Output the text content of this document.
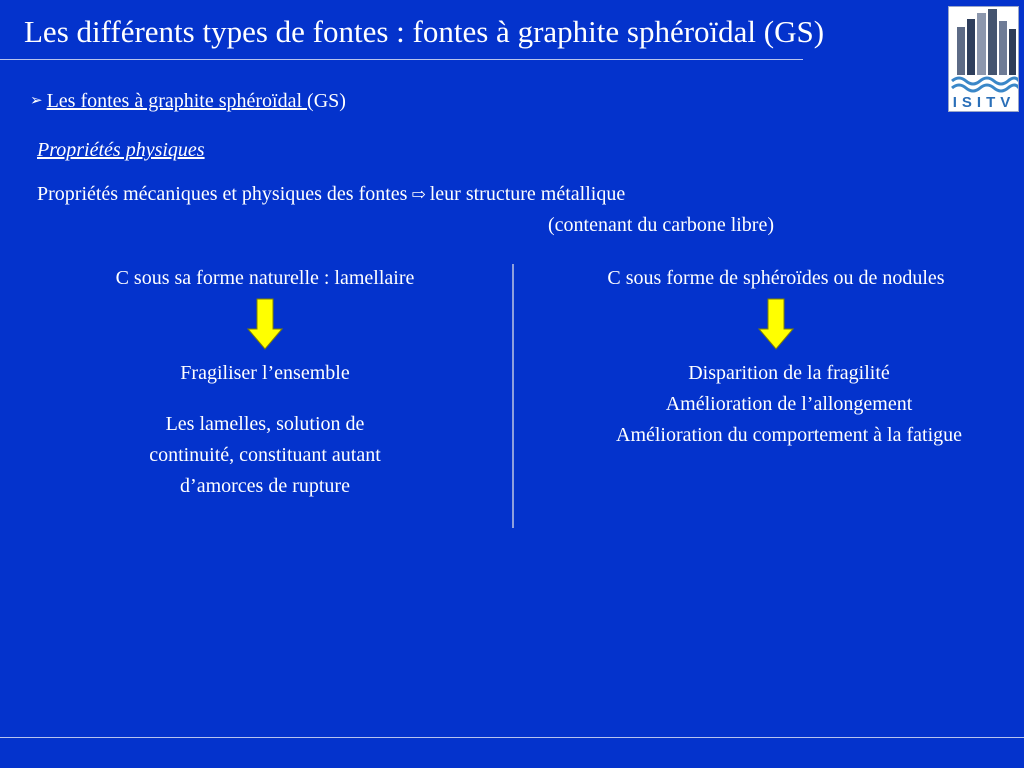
Les différents types de fontes : fontes à graphite sphéroïdal (GS)
ISITV
➢ Les fontes à graphite sphéroïdal (GS)
Propriétés physiques
Propriétés mécaniques et physiques des fontes ⇨ leur structure métallique
(contenant du carbone libre)
C sous sa forme naturelle : lamellaire	C sous forme de sphéroïdes ou de nodules
Fragiliser l’ensemble
Les lamelles, solution de
continuité, constituant autant
d’amorces de rupture
Disparition de la fragilité
Amélioration de l’allongement
Amélioration du comportement à la fatigue
